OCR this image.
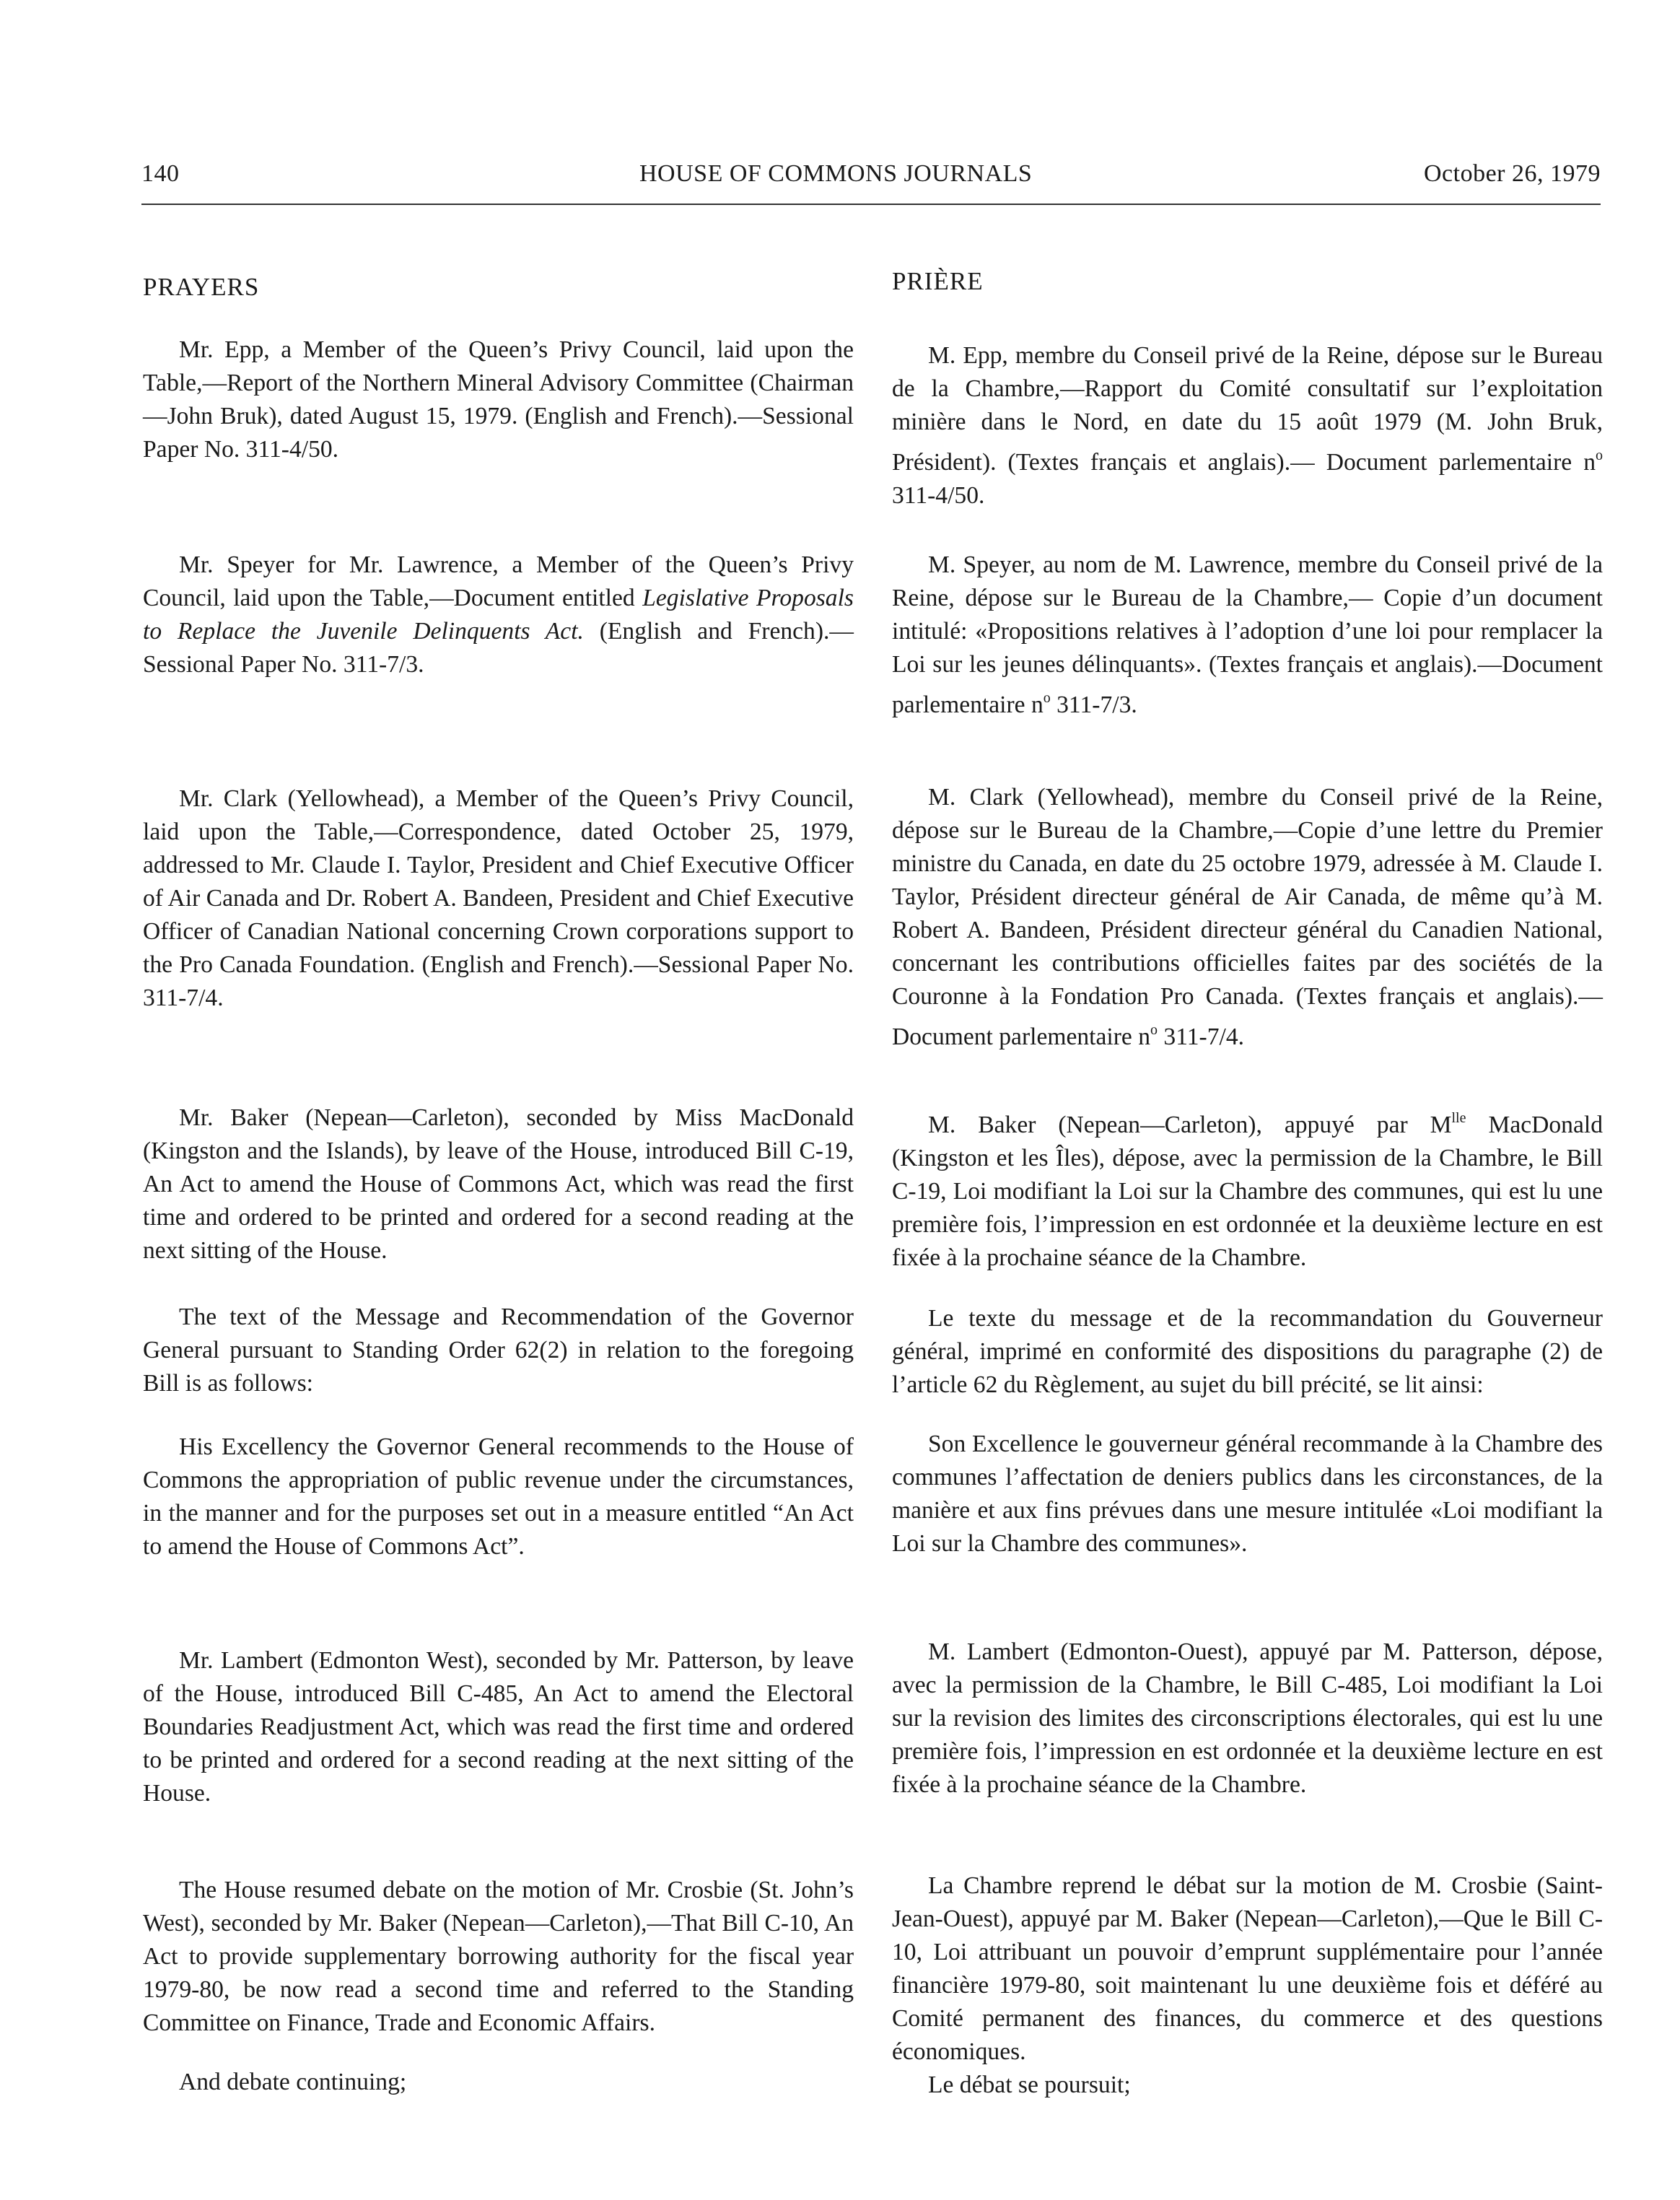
140	HOUSE OF COMMONS JOURNALS	October 26, 1979

PRAYERS

Mr. Epp, a Member of the Queen’s Privy Council, laid upon the Table,—Report of the Northern Mineral Advisory Committee (Chairman—John Bruk), dated August 15, 1979. (English and French).—Sessional Paper No. 311-4/50.

Mr. Speyer for Mr. Lawrence, a Member of the Queen’s Privy Council, laid upon the Table,—Document entitled Legislative Proposals to Replace the Juvenile Delinquents Act. (English and French).—Sessional Paper No. 311-7/3.

Mr. Clark (Yellowhead), a Member of the Queen’s Privy Council, laid upon the Table,—Correspondence, dated October 25, 1979, addressed to Mr. Claude I. Taylor, President and Chief Executive Officer of Air Canada and Dr. Robert A. Bandeen, President and Chief Executive Officer of Canadian National concerning Crown corporations support to the Pro Canada Foundation. (English and French).—Sessional Paper No. 311-7/4.

Mr. Baker (Nepean—Carleton), seconded by Miss MacDonald (Kingston and the Islands), by leave of the House, introduced Bill C-19, An Act to amend the House of Commons Act, which was read the first time and ordered to be printed and ordered for a second reading at the next sitting of the House.

The text of the Message and Recommendation of the Governor General pursuant to Standing Order 62(2) in relation to the foregoing Bill is as follows:

His Excellency the Governor General recommends to the House of Commons the appropriation of public revenue under the circumstances, in the manner and for the purposes set out in a measure entitled “An Act to amend the House of Commons Act”.

Mr. Lambert (Edmonton West), seconded by Mr. Patterson, by leave of the House, introduced Bill C-485, An Act to amend the Electoral Boundaries Readjustment Act, which was read the first time and ordered to be printed and ordered for a second reading at the next sitting of the House.

The House resumed debate on the motion of Mr. Crosbie (St. John’s West), seconded by Mr. Baker (Nepean—Carleton),—That Bill C-10, An Act to provide supplementary borrowing authority for the fiscal year 1979-80, be now read a second time and referred to the Standing Committee on Finance, Trade and Economic Affairs.

And debate continuing;

PRIÈRE

M. Epp, membre du Conseil privé de la Reine, dépose sur le Bureau de la Chambre,—Rapport du Comité consultatif sur l’exploitation minière dans le Nord, en date du 15 août 1979 (M. John Bruk, Président). (Textes français et anglais).— Document parlementaire $n^o$ 311-4/50.

M. Speyer, au nom de M. Lawrence, membre du Conseil privé de la Reine, dépose sur le Bureau de la Chambre,— Copie d’un document intitulé: «Propositions relatives à l’adoption d’une loi pour remplacer la Loi sur les jeunes délinquants». (Textes français et anglais).—Document parlementaire $n^o$ 311-7/3.

M. Clark (Yellowhead), membre du Conseil privé de la Reine, dépose sur le Bureau de la Chambre,—Copie d’une lettre du Premier ministre du Canada, en date du 25 octobre 1979, adressée à M. Claude I. Taylor, Président directeur général de Air Canada, de même qu’à M. Robert A. Bandeen, Président directeur général du Canadien National, concernant les contributions officielles faites par des sociétés de la Couronne à la Fondation Pro Canada. (Textes français et anglais).—Document parlementaire $n^o$ 311-7/4.

M. Baker (Nepean—Carleton), appuyé par $M^{lle}$ MacDonald (Kingston et les Îles), dépose, avec la permission de la Chambre, le Bill C-19, Loi modifiant la Loi sur la Chambre des communes, qui est lu une première fois, l’impression en est ordonnée et la deuxième lecture en est fixée à la prochaine séance de la Chambre.

Le texte du message et de la recommandation du Gouverneur général, imprimé en conformité des dispositions du paragraphe (2) de l’article 62 du Règlement, au sujet du bill précité, se lit ainsi:

Son Excellence le gouverneur général recommande à la Chambre des communes l’affectation de deniers publics dans les circonstances, de la manière et aux fins prévues dans une mesure intitulée «Loi modifiant la Loi sur la Chambre des communes».

M. Lambert (Edmonton-Ouest), appuyé par M. Patterson, dépose, avec la permission de la Chambre, le Bill C-485, Loi modifiant la Loi sur la revision des limites des circonscriptions électorales, qui est lu une première fois, l’impression en est ordonnée et la deuxième lecture en est fixée à la prochaine séance de la Chambre.

La Chambre reprend le débat sur la motion de M. Crosbie (Saint-Jean-Ouest), appuyé par M. Baker (Nepean—Carleton),—Que le Bill C-10, Loi attribuant un pouvoir d’emprunt supplémentaire pour l’année financière 1979-80, soit maintenant lu une deuxième fois et déféré au Comité permanent des finances, du commerce et des questions économiques.

Le débat se poursuit;
